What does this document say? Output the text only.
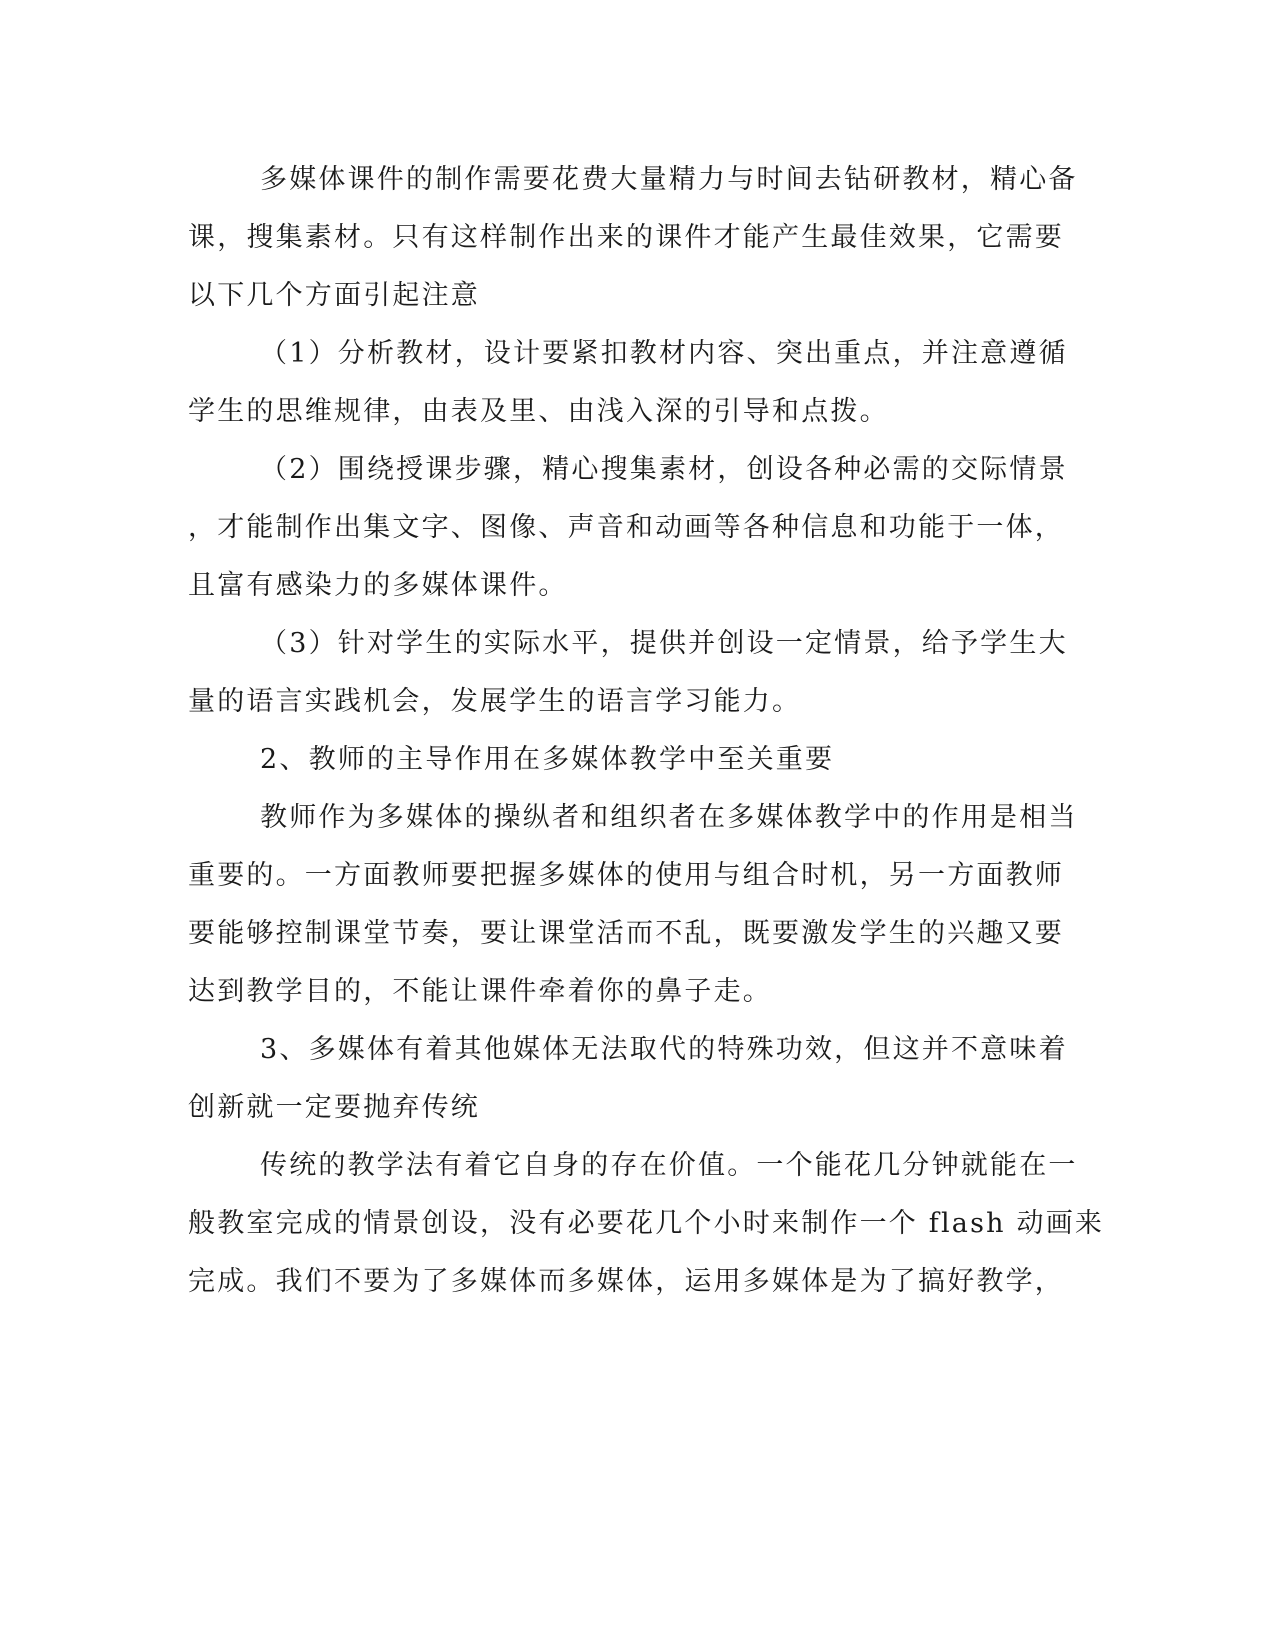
多媒体课件的制作需要花费大量精力与时间去钻研教材，精心备
课，搜集素材。只有这样制作出来的课件才能产生最佳效果，它需要
以下几个方面引起注意
（1）分析教材，设计要紧扣教材内容、突出重点，并注意遵循
学生的思维规律，由表及里、由浅入深的引导和点拨。
（2）围绕授课步骤，精心搜集素材，创设各种必需的交际情景
，才能制作出集文字、图像、声音和动画等各种信息和功能于一体，
且富有感染力的多媒体课件。
（3）针对学生的实际水平，提供并创设一定情景，给予学生大
量的语言实践机会，发展学生的语言学习能力。
2、教师的主导作用在多媒体教学中至关重要
教师作为多媒体的操纵者和组织者在多媒体教学中的作用是相当
重要的。一方面教师要把握多媒体的使用与组合时机，另一方面教师
要能够控制课堂节奏，要让课堂活而不乱，既要激发学生的兴趣又要
达到教学目的，不能让课件牵着你的鼻子走。
3、多媒体有着其他媒体无法取代的特殊功效，但这并不意味着
创新就一定要抛弃传统
传统的教学法有着它自身的存在价值。一个能花几分钟就能在一
般教室完成的情景创设，没有必要花几个小时来制作一个 flash 动画来
完成。我们不要为了多媒体而多媒体，运用多媒体是为了搞好教学，
